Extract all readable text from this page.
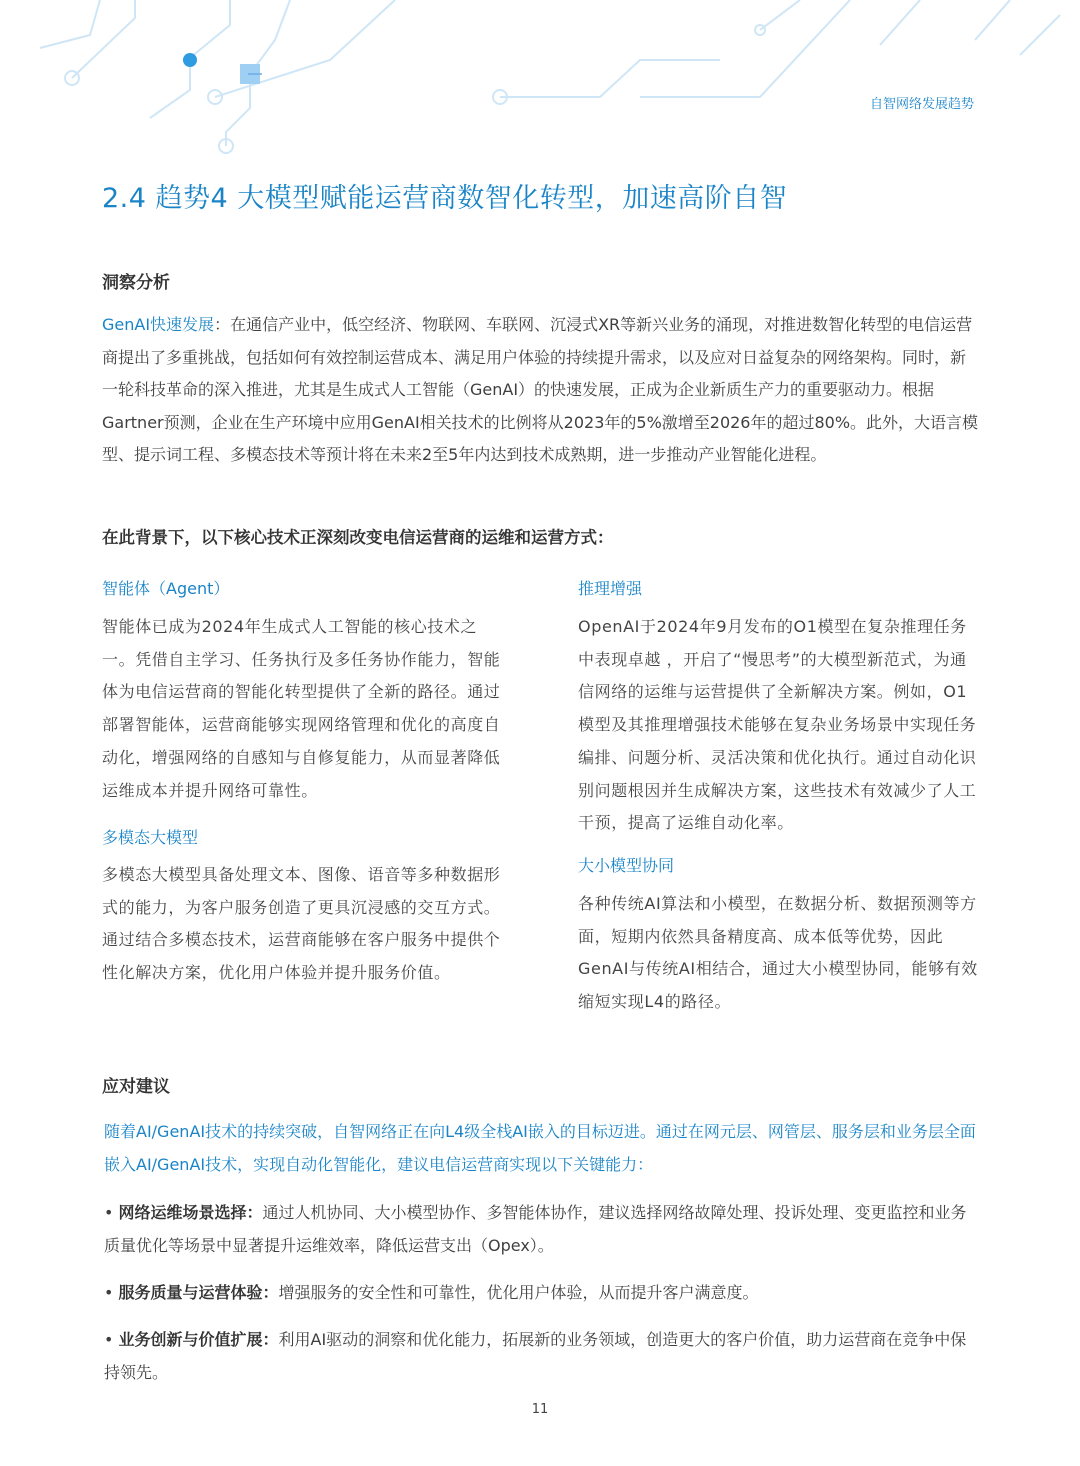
自智网络发展趋势
2.4 趋势4 大模型赋能运营商数智化转型，加速高阶自智
洞察分析
GenAI快速发展：在通信产业中，低空经济、物联网、车联网、沉浸式XR等新兴业务的涌现，对推进数智化转型的电信运营商提出了多重挑战，包括如何有效控制运营成本、满足用户体验的持续提升需求，以及应对日益复杂的网络架构。同时，新一轮科技革命的深入推进，尤其是生成式人工智能（GenAI）的快速发展，正成为企业新质生产力的重要驱动力。根据Gartner预测，企业在生产环境中应用GenAI相关技术的比例将从2023年的5%激增至2026年的超过80%。此外，大语言模型、提示词工程、多模态技术等预计将在未来2至5年内达到技术成熟期，进一步推动产业智能化进程。
在此背景下，以下核心技术正深刻改变电信运营商的运维和运营方式：
智能体（Agent）
智能体已成为2024年生成式人工智能的核心技术之一。凭借自主学习、任务执行及多任务协作能力，智能体为电信运营商的智能化转型提供了全新的路径。通过部署智能体，运营商能够实现网络管理和优化的高度自动化，增强网络的自感知与自修复能力，从而显著降低运维成本并提升网络可靠性。
多模态大模型
多模态大模型具备处理文本、图像、语音等多种数据形式的能力，为客户服务创造了更具沉浸感的交互方式。通过结合多模态技术，运营商能够在客户服务中提供个性化解决方案，优化用户体验并提升服务价值。
推理增强
OpenAI于2024年9月发布的O1模型在复杂推理任务中表现卓越 ，开启了“慢思考”的大模型新范式，为通信网络的运维与运营提供了全新解决方案。例如，O1模型及其推理增强技术能够在复杂业务场景中实现任务编排、问题分析、灵活决策和优化执行。通过自动化识别问题根因并生成解决方案，这些技术有效减少了人工干预，提高了运维自动化率。
大小模型协同
各种传统AI算法和小模型，在数据分析、数据预测等方面，短期内依然具备精度高、成本低等优势，因此GenAI与传统AI相结合，通过大小模型协同，能够有效缩短实现L4的路径。
应对建议
随着AI/GenAI技术的持续突破，自智网络正在向L4级全栈AI嵌入的目标迈进。通过在网元层、网管层、服务层和业务层全面嵌入AI/GenAI技术，实现自动化智能化，建议电信运营商实现以下关键能力：
• 网络运维场景选择：通过人机协同、大小模型协作、多智能体协作，建议选择网络故障处理、投诉处理、变更监控和业务质量优化等场景中显著提升运维效率，降低运营支出（Opex）。
• 服务质量与运营体验：增强服务的安全性和可靠性，优化用户体验，从而提升客户满意度。
• 业务创新与价值扩展：利用AI驱动的洞察和优化能力，拓展新的业务领域，创造更大的客户价值，助力运营商在竞争中保持领先。
11
